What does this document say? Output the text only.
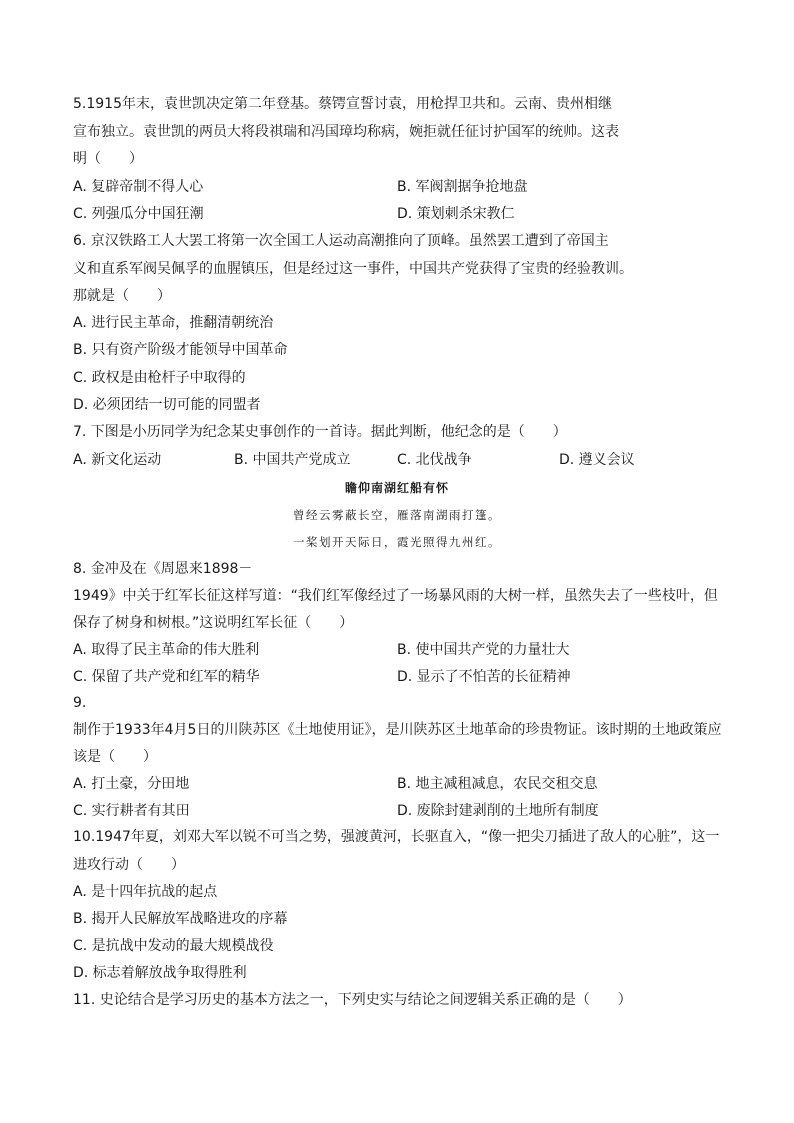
5.1915年末，袁世凯决定第二年登基。蔡锷宣誓讨袁，用枪捍卫共和。云南、贵州相继
宣布独立。袁世凯的两员大将段祺瑞和冯国璋均称病，婉拒就任征讨护国军的统帅。这表
明（　　）
A. 复辟帝制不得人心	B. 军阀割据争抢地盘
C. 列强瓜分中国狂潮	D. 策划刺杀宋教仁
6. 京汉铁路工人大罢工将第一次全国工人运动高潮推向了顶峰。虽然罢工遭到了帝国主
义和直系军阀吴佩孚的血腥镇压，但是经过这一事件，中国共产党获得了宝贵的经验教训。
那就是（　　）
A. 进行民主革命，推翻清朝统治
B. 只有资产阶级才能领导中国革命
C. 政权是由枪杆子中取得的
D. 必须团结一切可能的同盟者
7. 下图是小历同学为纪念某史事创作的一首诗。据此判断，他纪念的是（　　）
A. 新文化运动	B. 中国共产党成立	C. 北伐战争	D. 遵义会议
瞻仰南湖红船有怀
曾经云雾蔽长空，雁落南湖雨打篷。
一桨划开天际日，霞光照得九州红。
8. 金冲及在《周恩来1898－
1949》中关于红军长征这样写道：“我们红军像经过了一场暴风雨的大树一样，虽然失去了一些枝叶，但
保存了树身和树根。”这说明红军长征（　　）
A. 取得了民主革命的伟大胜利	B. 使中国共产党的力量壮大
C. 保留了共产党和红军的精华	D. 显示了不怕苦的长征精神
9.
制作于1933年4月5日的川陕苏区《土地使用证》，是川陕苏区土地革命的珍贵物证。该时期的土地政策应
该是（　　）
A. 打土豪，分田地	B. 地主减租减息，农民交租交息
C. 实行耕者有其田	D. 废除封建剥削的土地所有制度
10.1947年夏，刘邓大军以锐不可当之势，强渡黄河，长驱直入，“像一把尖刀插进了敌人的心脏”，这一
进攻行动（　　）
A. 是十四年抗战的起点
B. 揭开人民解放军战略进攻的序幕
C. 是抗战中发动的最大规模战役
D. 标志着解放战争取得胜利
11. 史论结合是学习历史的基本方法之一，下列史实与结论之间逻辑关系正确的是（　　）
